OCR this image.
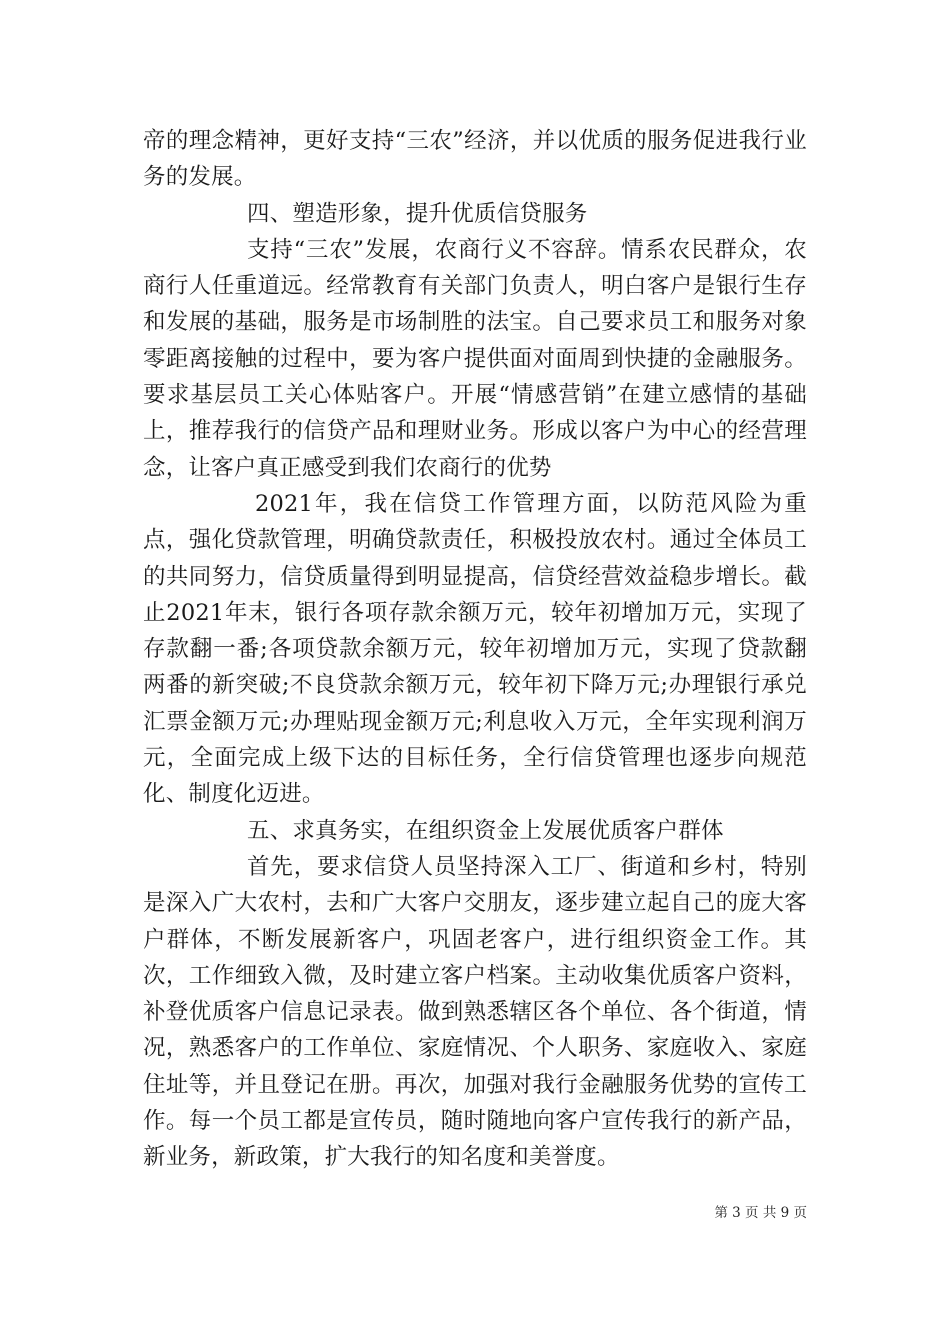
帝的理念精神，更好支持“三农”经济，并以优质的服务促进我行业务的发展。

四、塑造形象，提升优质信贷服务

支持“三农”发展，农商行义不容辞。情系农民群众，农商行人任重道远。经常教育有关部门负责人，明白客户是银行生存和发展的基础，服务是市场制胜的法宝。自己要求员工和服务对象零距离接触的过程中，要为客户提供面对面周到快捷的金融服务。要求基层员工关心体贴客户。开展“情感营销”在建立感情的基础上，推荐我行的信贷产品和理财业务。形成以客户为中心的经营理念，让客户真正感受到我们农商行的优势

2021年，我在信贷工作管理方面，以防范风险为重点，强化贷款管理，明确贷款责任，积极投放农村。通过全体员工的共同努力，信贷质量得到明显提高，信贷经营效益稳步增长。截止2021年末，银行各项存款余额万元，较年初增加万元，实现了存款翻一番;各项贷款余额万元，较年初增加万元，实现了贷款翻两番的新突破;不良贷款余额万元，较年初下降万元;办理银行承兑汇票金额万元;办理贴现金额万元;利息收入万元，全年实现利润万元，全面完成上级下达的目标任务，全行信贷管理也逐步向规范化、制度化迈进。

五、求真务实，在组织资金上发展优质客户群体

首先，要求信贷人员坚持深入工厂、街道和乡村，特别是深入广大农村，去和广大客户交朋友，逐步建立起自己的庞大客户群体，不断发展新客户，巩固老客户，进行组织资金工作。其次，工作细致入微，及时建立客户档案。主动收集优质客户资料，补登优质客户信息记录表。做到熟悉辖区各个单位、各个街道，情况，熟悉客户的工作单位、家庭情况、个人职务、家庭收入、家庭住址等，并且登记在册。再次，加强对我行金融服务优势的宣传工作。每一个员工都是宣传员，随时随地向客户宣传我行的新产品，新业务，新政策，扩大我行的知名度和美誉度。

第 3 页 共 9 页
